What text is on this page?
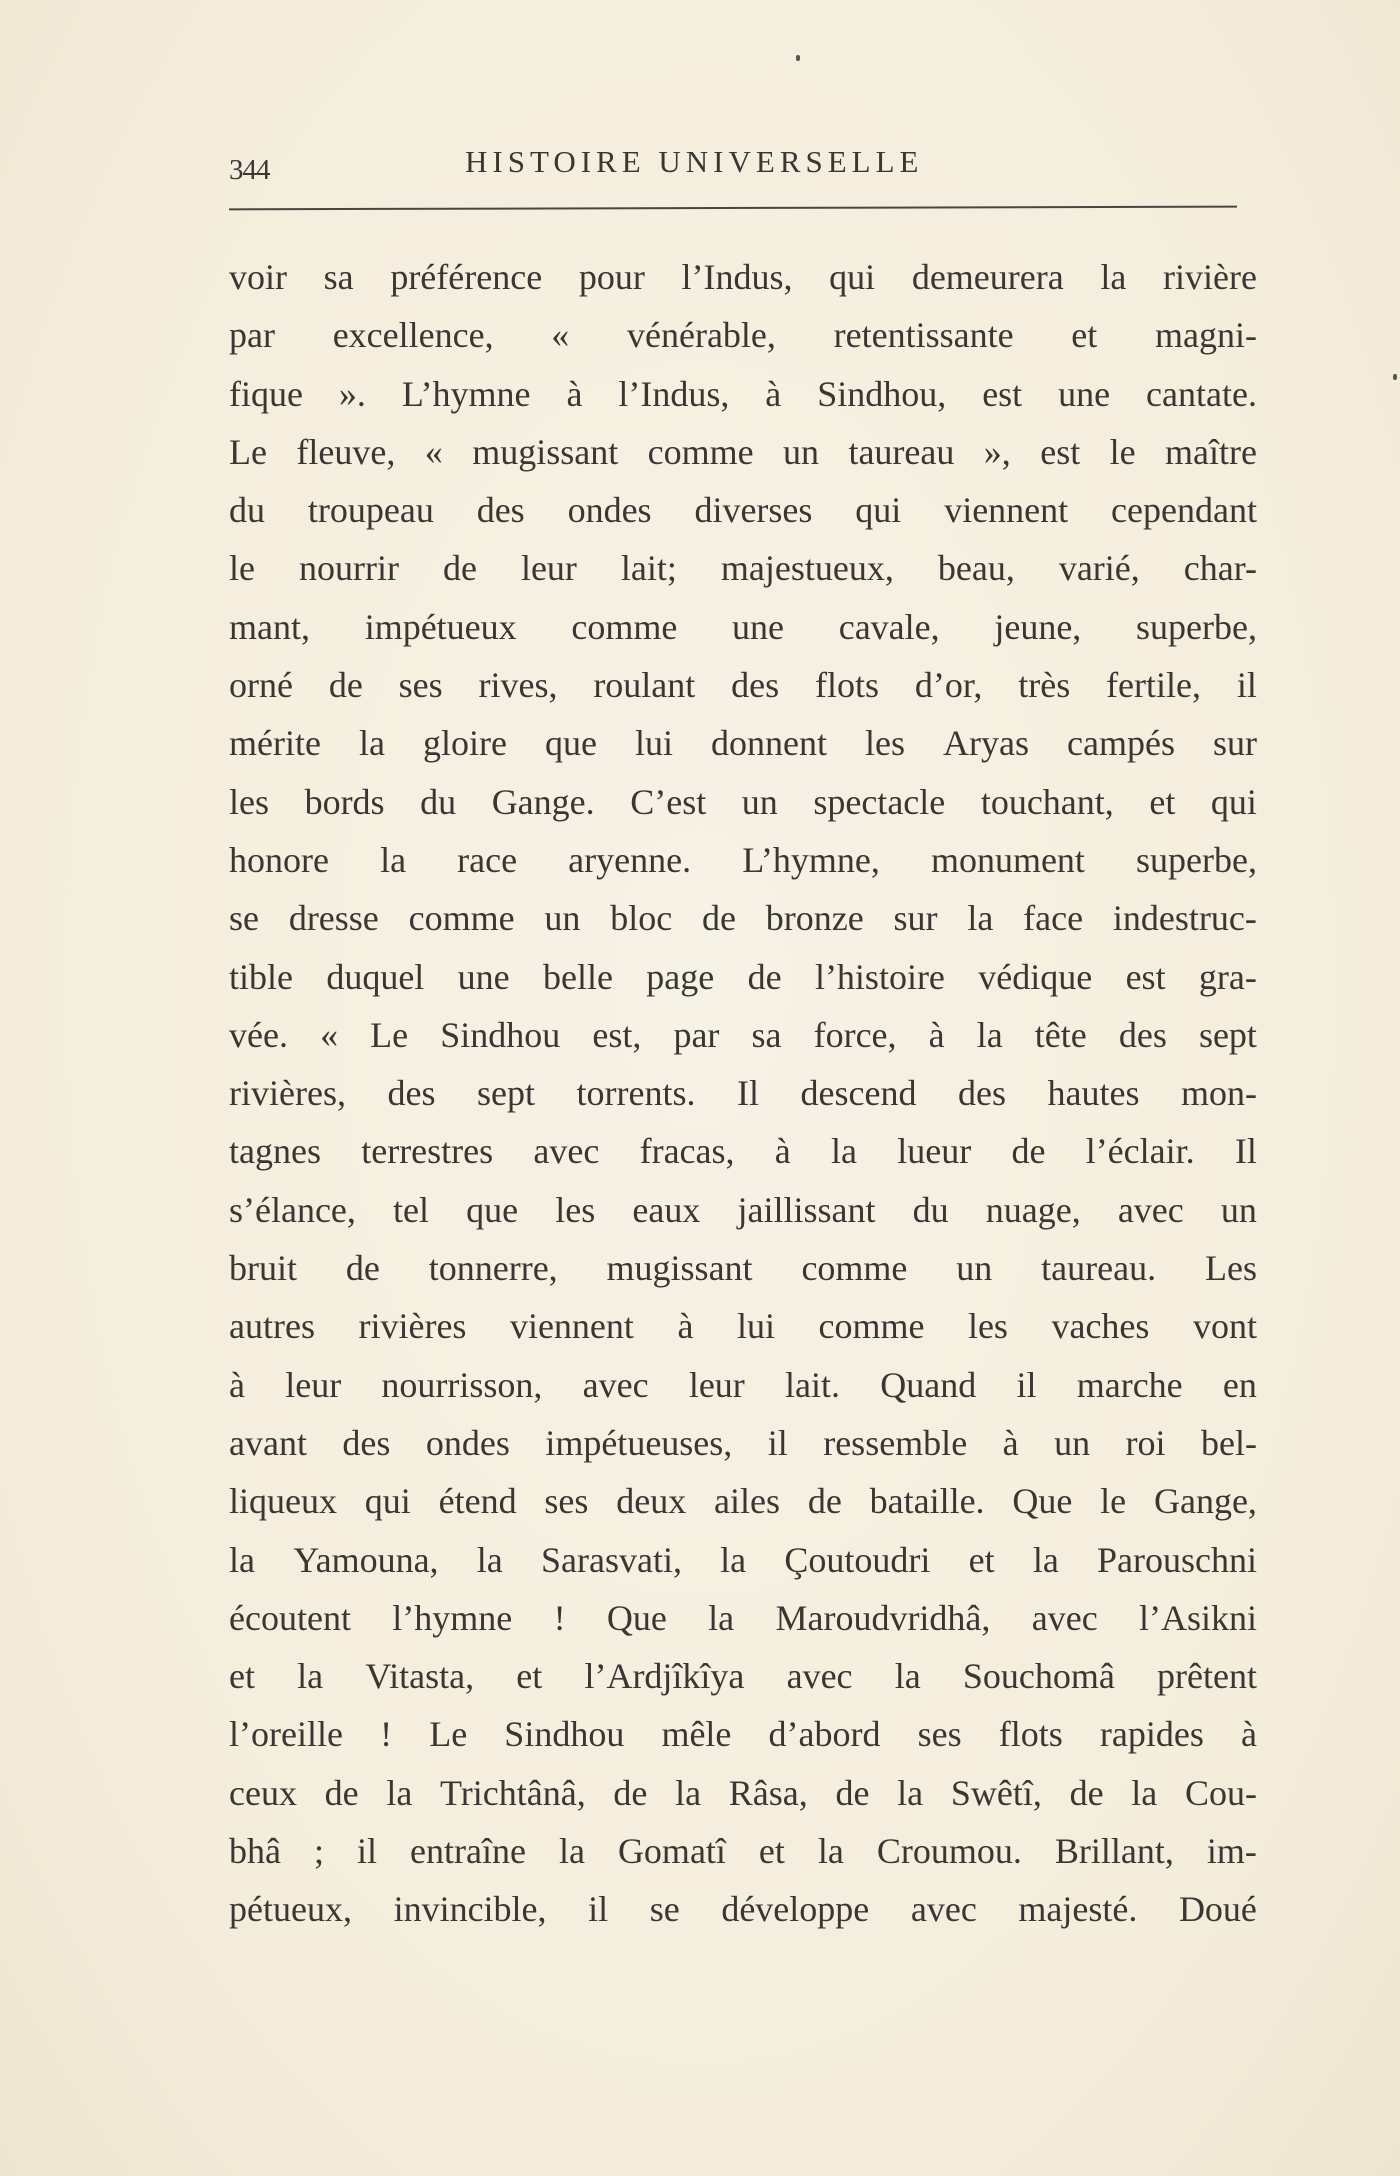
344	HISTOIRE UNIVERSELLE
voir sa préférence pour l’Indus, qui demeurera la rivière
par excellence, « vénérable, retentissante et magni-
fique ». L’hymne à l’Indus, à Sindhou, est une cantate.
Le fleuve, « mugissant comme un taureau », est le maître
du troupeau des ondes diverses qui viennent cependant
le nourrir de leur lait; majestueux, beau, varié, char-
mant, impétueux comme une cavale, jeune, superbe,
orné de ses rives, roulant des flots d’or, très fertile, il
mérite la gloire que lui donnent les Aryas campés sur
les bords du Gange. C’est un spectacle touchant, et qui
honore la race aryenne. L’hymne, monument superbe,
se dresse comme un bloc de bronze sur la face indestruc-
tible duquel une belle page de l’histoire védique est gra-
vée. « Le Sindhou est, par sa force, à la tête des sept
rivières, des sept torrents. Il descend des hautes mon-
tagnes terrestres avec fracas, à la lueur de l’éclair. Il
s’élance, tel que les eaux jaillissant du nuage, avec un
bruit de tonnerre, mugissant comme un taureau. Les
autres rivières viennent à lui comme les vaches vont
à leur nourrisson, avec leur lait. Quand il marche en
avant des ondes impétueuses, il ressemble à un roi bel-
liqueux qui étend ses deux ailes de bataille. Que le Gange,
la Yamouna, la Sarasvati, la Çoutoudri et la Parouschni
écoutent l’hymne ! Que la Maroudvridhâ, avec l’Asikni
et la Vitasta, et l’Ardjîkîya avec la Souchomâ prêtent
l’oreille ! Le Sindhou mêle d’abord ses flots rapides à
ceux de la Trichtânâ, de la Râsa, de la Swêtî, de la Cou-
bhâ ; il entraîne la Gomatî et la Croumou. Brillant, im-
pétueux, invincible, il se développe avec majesté. Doué
